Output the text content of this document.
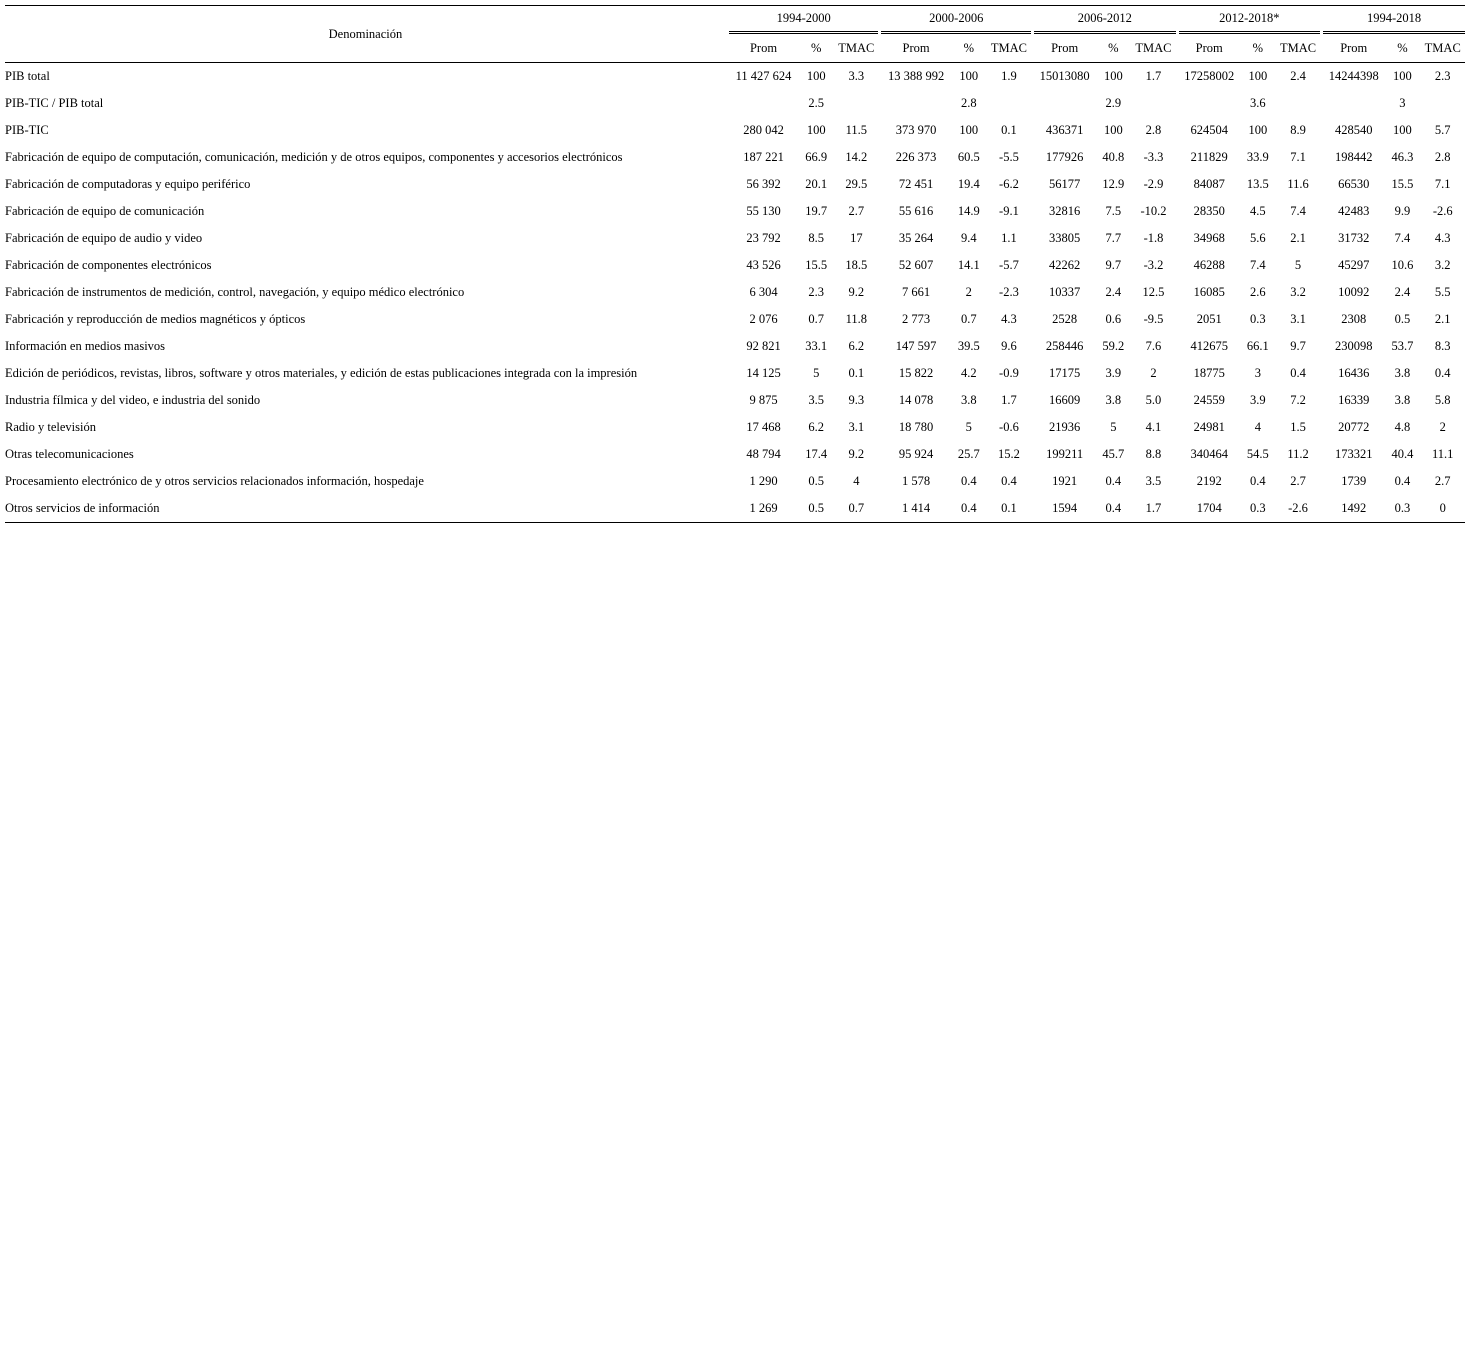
Denominación		1994-2000						2000-2006						2006-2012						2012-2018*						1994-2018				
		Prom		%		TMAC		Prom		%		TMAC		Prom		%		TMAC		Prom		%		TMAC		Prom		%		TMAC
PIB total		11 427 624		100		3.3		13 388 992		100		1.9		15013080		100		1.7		17258002		100		2.4		14244398		100		2.3
PIB-TIC / PIB total				2.5						2.8						2.9						3.6						3		
PIB-TIC		280 042		100		11.5		373 970		100		0.1		436371		100		2.8		624504		100		8.9		428540		100		5.7
Fabricación de equipo de computación, comunicación, medición y de otros equipos, componentes y accesorios electrónicos		187 221		66.9		14.2		226 373		60.5		-5.5		177926		40.8		-3.3		211829		33.9		7.1		198442		46.3		2.8
Fabricación de computadoras y equipo periférico		56 392		20.1		29.5		72 451		19.4		-6.2		56177		12.9		-2.9		84087		13.5		11.6		66530		15.5		7.1
Fabricación de equipo de comunicación		55 130		19.7		2.7		55 616		14.9		-9.1		32816		7.5		-10.2		28350		4.5		7.4		42483		9.9		-2.6
Fabricación de equipo de audio y video		23 792		8.5		17		35 264		9.4		1.1		33805		7.7		-1.8		34968		5.6		2.1		31732		7.4		4.3
Fabricación de componentes electrónicos		43 526		15.5		18.5		52 607		14.1		-5.7		42262		9.7		-3.2		46288		7.4		5		45297		10.6		3.2
Fabricación de instrumentos de medición, control, navegación, y equipo médico electrónico		6 304		2.3		9.2		7 661		2		-2.3		10337		2.4		12.5		16085		2.6		3.2		10092		2.4		5.5
Fabricación y reproducción de medios magnéticos y ópticos		2 076		0.7		11.8		2 773		0.7		4.3		2528		0.6		-9.5		2051		0.3		3.1		2308		0.5		2.1
Información en medios masivos		92 821		33.1		6.2		147 597		39.5		9.6		258446		59.2		7.6		412675		66.1		9.7		230098		53.7		8.3
Edición de periódicos, revistas, libros, software y otros materiales, y edición de estas publicaciones integrada con la impresión		14 125		5		0.1		15 822		4.2		-0.9		17175		3.9		2		18775		3		0.4		16436		3.8		0.4
Industria fílmica y del video, e industria del sonido		9 875		3.5		9.3		14 078		3.8		1.7		16609		3.8		5.0		24559		3.9		7.2		16339		3.8		5.8
Radio y televisión		17 468		6.2		3.1		18 780		5		-0.6		21936		5		4.1		24981		4		1.5		20772		4.8		2
Otras telecomunicaciones		48 794		17.4		9.2		95 924		25.7		15.2		199211		45.7		8.8		340464		54.5		11.2		173321		40.4		11.1
Procesamiento electrónico de y otros servicios relacionados información, hospedaje		1 290		0.5		4		1 578		0.4		0.4		1921		0.4		3.5		2192		0.4		2.7		1739		0.4		2.7
Otros servicios de información		1 269		0.5		0.7		1 414		0.4		0.1		1594		0.4		1.7		1704		0.3		-2.6		1492		0.3		0
